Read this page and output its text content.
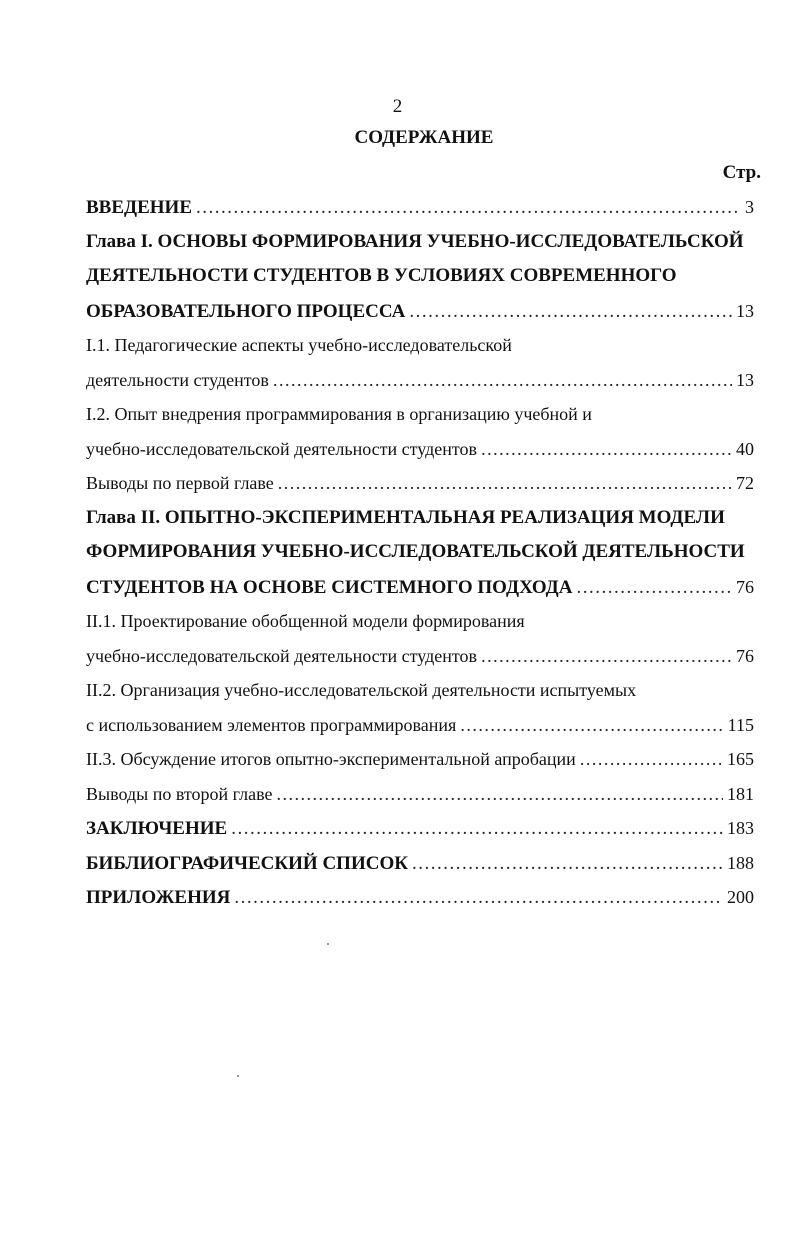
2
СОДЕРЖАНИЕ
Стр.
ВВЕДЕНИЕ .....	3
Глава I. ОСНОВЫ ФОРМИРОВАНИЯ УЧЕБНО-ИССЛЕДОВАТЕЛЬСКОЙ
ДЕЯТЕЛЬНОСТИ СТУДЕНТОВ В УСЛОВИЯХ СОВРЕМЕННОГО
ОБРАЗОВАТЕЛЬНОГО ПРОЦЕССА .....	13
I.1. Педагогические аспекты учебно-исследовательской
деятельности студентов .....	13
I.2. Опыт внедрения программирования в организацию учебной и
учебно-исследовательской деятельности студентов .....	40
Выводы по первой главе .....	72
Глава II. ОПЫТНО-ЭКСПЕРИМЕНТАЛЬНАЯ РЕАЛИЗАЦИЯ МОДЕЛИ
ФОРМИРОВАНИЯ УЧЕБНО-ИССЛЕДОВАТЕЛЬСКОЙ ДЕЯТЕЛЬНОСТИ
СТУДЕНТОВ НА ОСНОВЕ СИСТЕМНОГО ПОДХОДА .....	76
II.1. Проектирование обобщенной модели формирования
учебно-исследовательской деятельности студентов .....	76
II.2. Организация учебно-исследовательской деятельности испытуемых
с использованием элементов программирования .....	115
II.3. Обсуждение итогов опытно-экспериментальной апробации .....	165
Выводы по второй главе .....	181
ЗАКЛЮЧЕНИЕ .....	183
БИБЛИОГРАФИЧЕСКИЙ СПИСОК .....	188
ПРИЛОЖЕНИЯ .....	200
